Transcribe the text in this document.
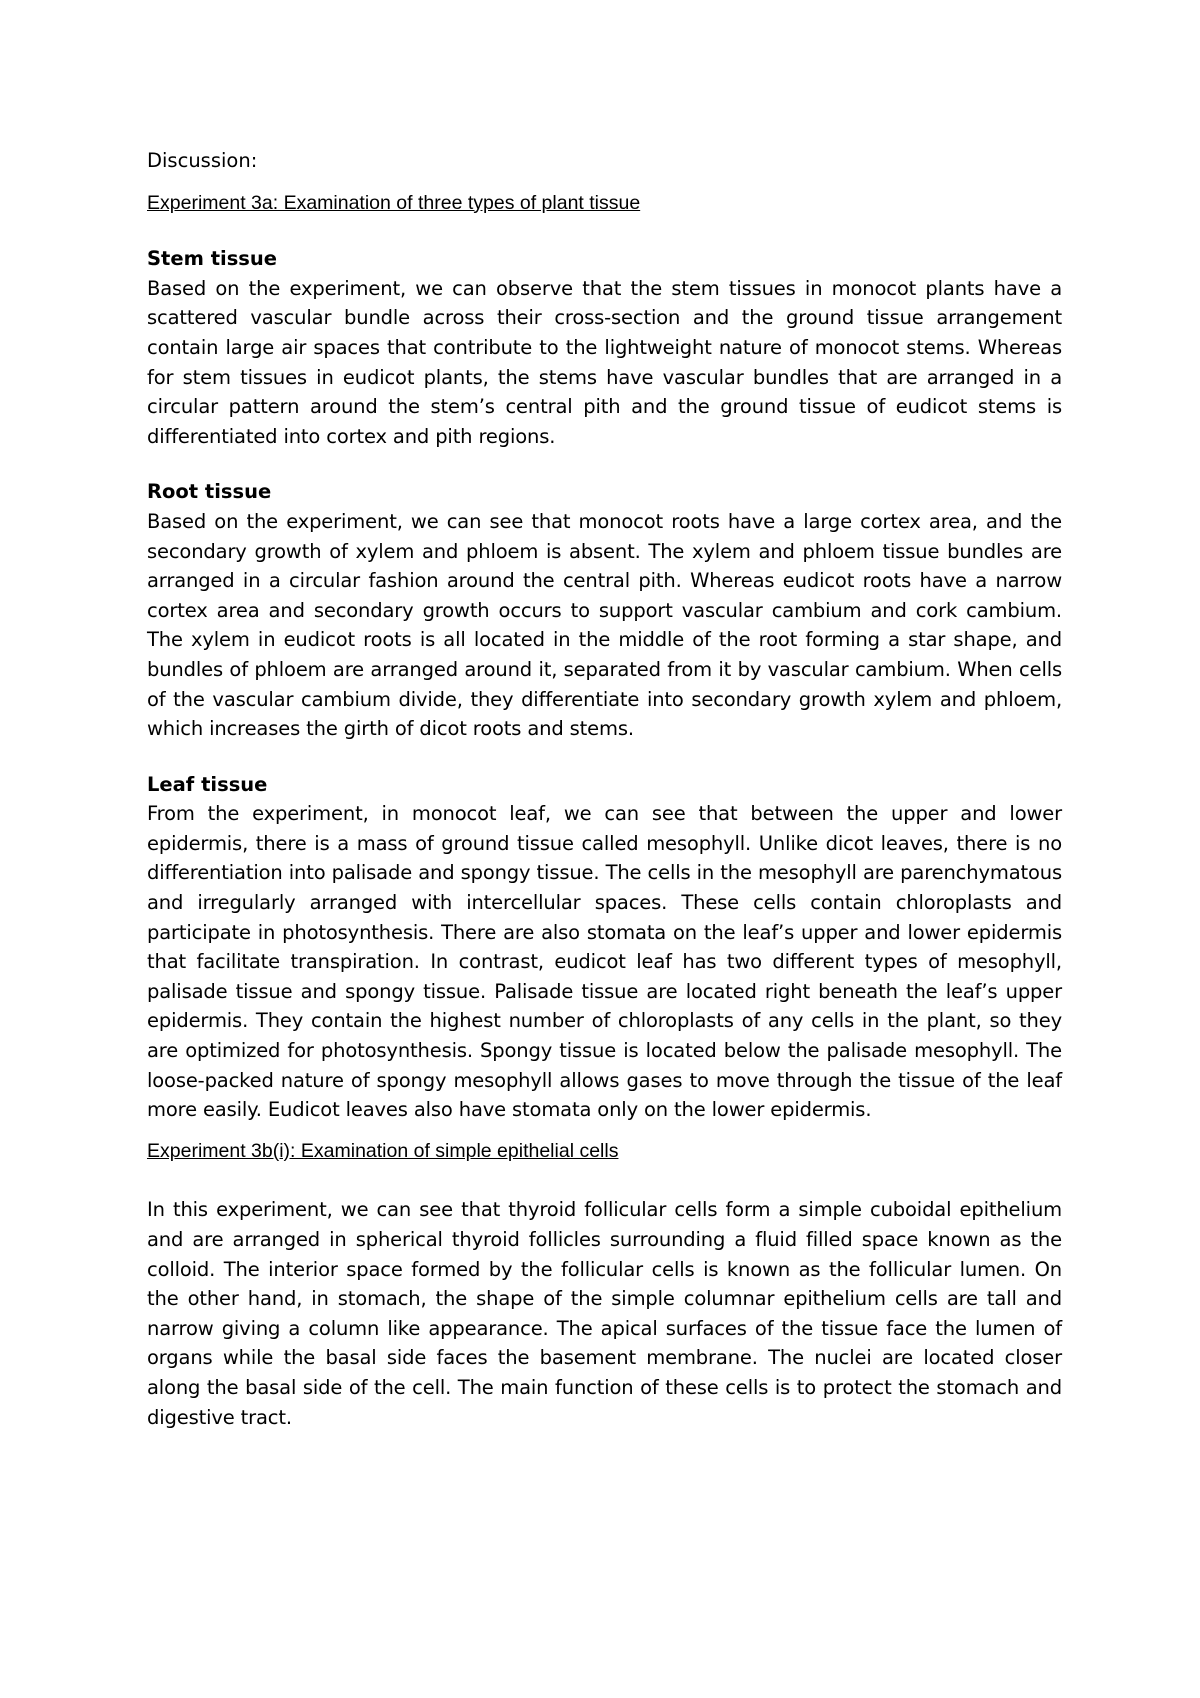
Discussion:
Experiment 3a: Examination of three types of plant tissue
Stem tissue

Based on the experiment, we can observe that the stem tissues in monocot plants have a scattered vascular bundle across their cross-section and the ground tissue arrangement contain large air spaces that contribute to the lightweight nature of monocot stems. Whereas for stem tissues in eudicot plants, the stems have vascular bundles that are arranged in a circular pattern around the stem’s central pith and the ground tissue of eudicot stems is differentiated into cortex and pith regions.

Root tissue

Based on the experiment, we can see that monocot roots have a large cortex area, and the secondary growth of xylem and phloem is absent. The xylem and phloem tissue bundles are arranged in a circular fashion around the central pith. Whereas eudicot roots have a narrow cortex area and secondary growth occurs to support vascular cambium and cork cambium. The xylem in eudicot roots is all located in the middle of the root forming a star shape, and bundles of phloem are arranged around it, separated from it by vascular cambium. When cells of the vascular cambium divide, they differentiate into secondary growth xylem and phloem, which increases the girth of dicot roots and stems.

Leaf tissue

From the experiment, in monocot leaf, we can see that between the upper and lower epidermis, there is a mass of ground tissue called mesophyll. Unlike dicot leaves, there is no differentiation into palisade and spongy tissue. The cells in the mesophyll are parenchymatous and irregularly arranged with intercellular spaces. These cells contain chloroplasts and participate in photosynthesis. There are also stomata on the leaf’s upper and lower epidermis that facilitate transpiration. In contrast, eudicot leaf has two different types of mesophyll, palisade tissue and spongy tissue. Palisade tissue are located right beneath the leaf’s upper epidermis. They contain the highest number of chloroplasts of any cells in the plant, so they are optimized for photosynthesis. Spongy tissue is located below the palisade mesophyll. The loose-packed nature of spongy mesophyll allows gases to move through the tissue of the leaf more easily. Eudicot leaves also have stomata only on the lower epidermis.

Experiment 3b(i): Examination of simple epithelial cells

In this experiment, we can see that thyroid follicular cells form a simple cuboidal epithelium and are arranged in spherical thyroid follicles surrounding a fluid filled space known as the colloid. The interior space formed by the follicular cells is known as the follicular lumen. On the other hand, in stomach, the shape of the simple columnar epithelium cells are tall and narrow giving a column like appearance. The apical surfaces of the tissue face the lumen of organs while the basal side faces the basement membrane. The nuclei are located closer along the basal side of the cell. The main function of these cells is to protect the stomach and digestive tract.
